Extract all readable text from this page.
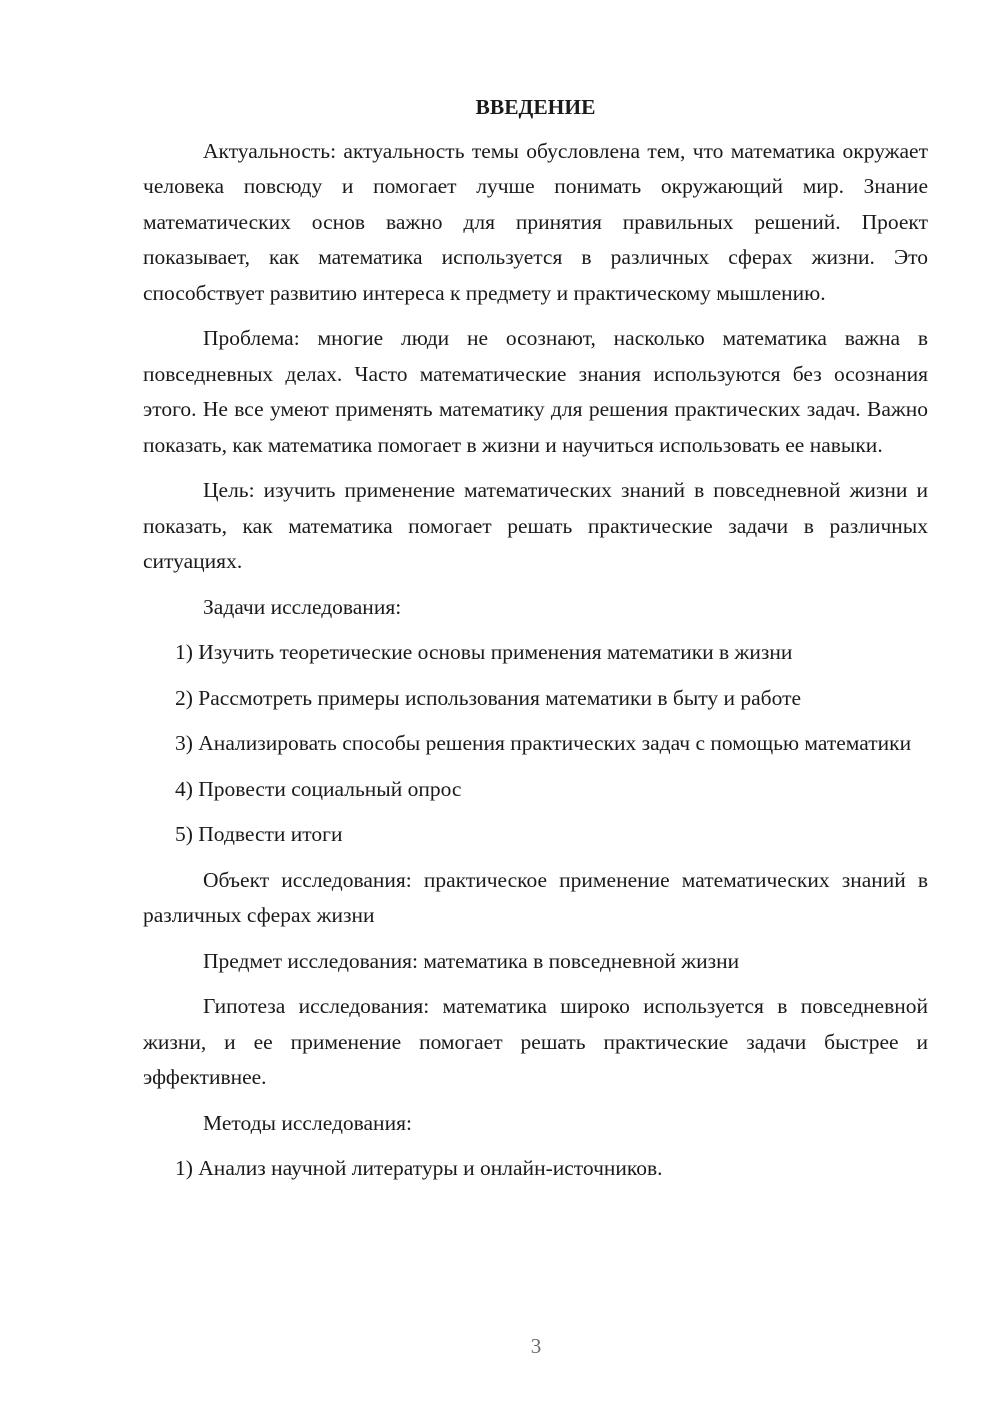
ВВЕДЕНИЕ

Актуальность: актуальность темы обусловлена тем, что математика окружает человека повсюду и помогает лучше понимать окружающий мир. Знание математических основ важно для принятия правильных решений. Проект показывает, как математика используется в различных сферах жизни. Это способствует развитию интереса к предмету и практическому мышлению.

Проблема: многие люди не осознают, насколько математика важна в повседневных делах. Часто математические знания используются без осознания этого. Не все умеют применять математику для решения практических задач. Важно показать, как математика помогает в жизни и научиться использовать ее навыки.

Цель: изучить применение математических знаний в повседневной жизни и показать, как математика помогает решать практические задачи в различных ситуациях.

Задачи исследования:

1) Изучить теоретические основы применения математики в жизни

2) Рассмотреть примеры использования математики в быту и работе

3) Анализировать способы решения практических задач с помощью математики

4) Провести социальный опрос

5) Подвести итоги

Объект исследования: практическое применение математических знаний в различных сферах жизни

Предмет исследования: математика в повседневной жизни

Гипотеза исследования: математика широко используется в повседневной жизни, и ее применение помогает решать практические задачи быстрее и эффективнее.

Методы исследования:

1) Анализ научной литературы и онлайн-источников.

3
